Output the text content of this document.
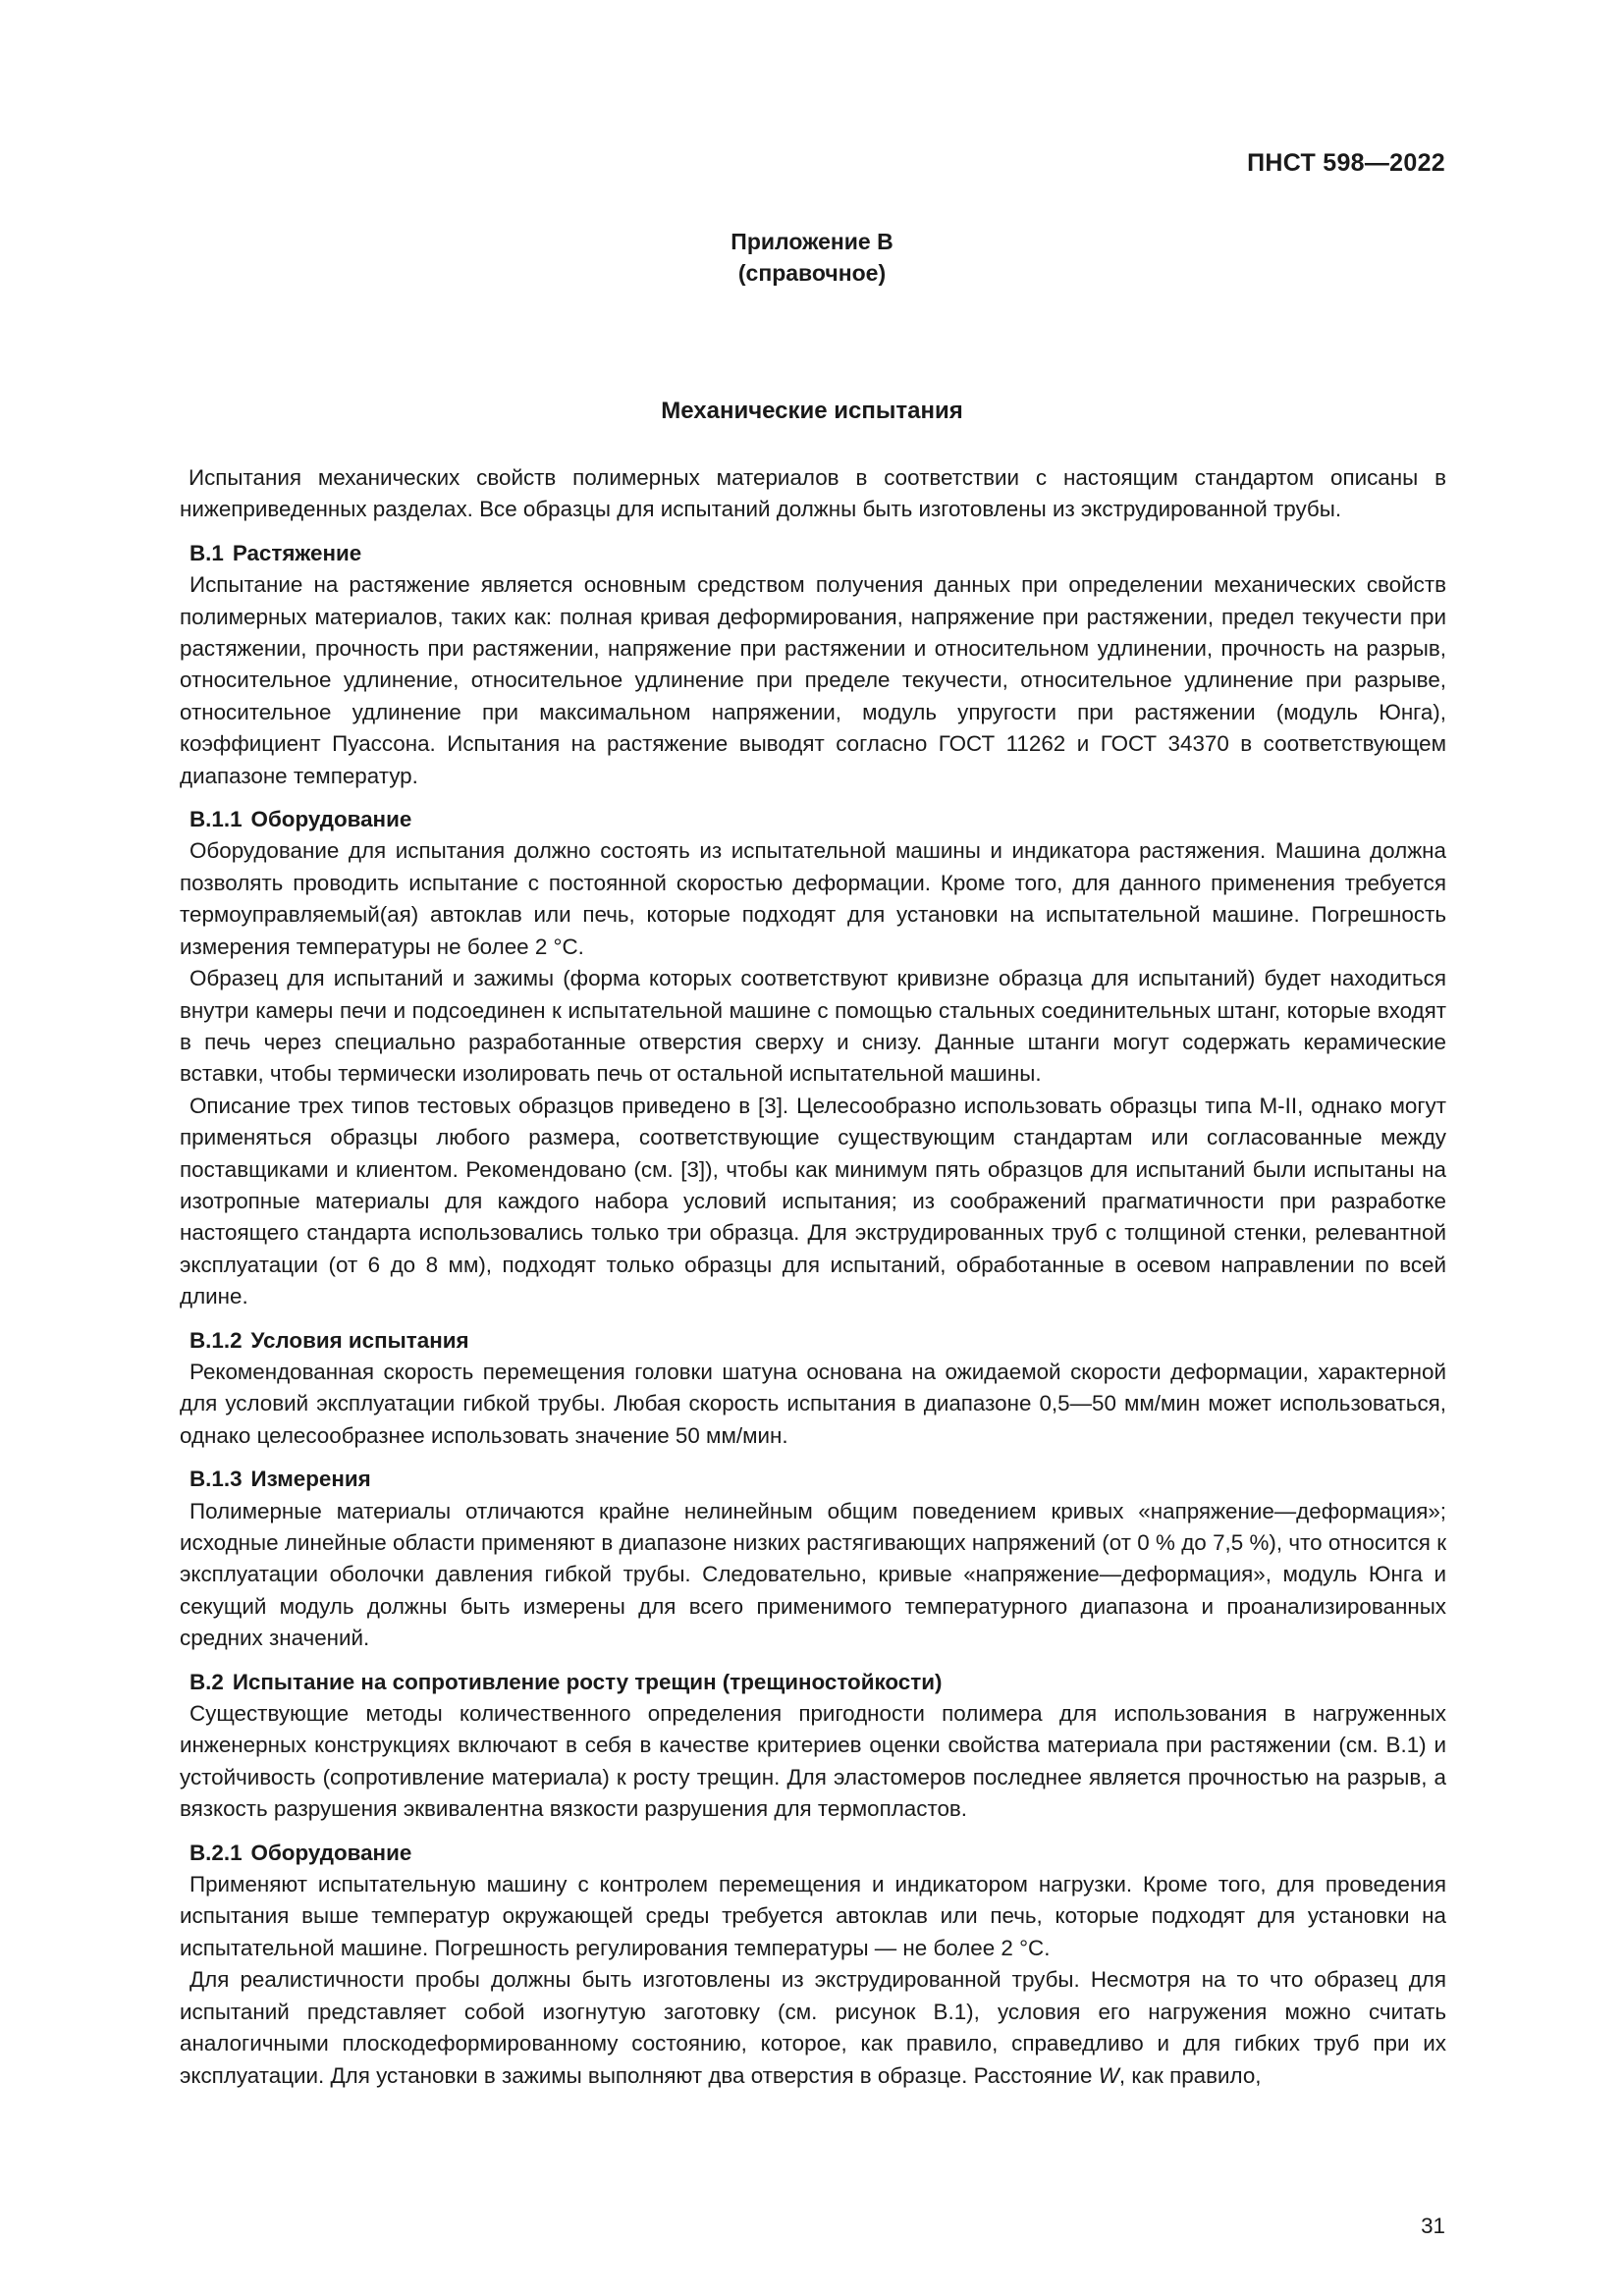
ПНСТ 598—2022
Приложение В
(справочное)
Механические испытания

Испытания механических свойств полимерных материалов в соответствии с настоящим стандартом описаны в нижеприведенных разделах. Все образцы для испытаний должны быть изготовлены из экструдированной трубы.

В.1 Растяжение

Испытание на растяжение является основным средством получения данных при определении механических свойств полимерных материалов, таких как: полная кривая деформирования, напряжение при растяжении, предел текучести при растяжении, прочность при растяжении, напряжение при растяжении и относительном удлинении, прочность на разрыв, относительное удлинение, относительное удлинение при пределе текучести, относительное удлинение при разрыве, относительное удлинение при максимальном напряжении, модуль упругости при растяжении (модуль Юнга), коэффициент Пуассона. Испытания на растяжение выводят согласно ГОСТ 11262 и ГОСТ 34370 в соответствующем диапазоне температур.

В.1.1 Оборудование

Оборудование для испытания должно состоять из испытательной машины и индикатора растяжения. Машина должна позволять проводить испытание с постоянной скоростью деформации. Кроме того, для данного применения требуется термоуправляемый(ая) автоклав или печь, которые подходят для установки на испытательной машине. Погрешность измерения температуры не более 2 °С.

Образец для испытаний и зажимы (форма которых соответствуют кривизне образца для испытаний) будет находиться внутри камеры печи и подсоединен к испытательной машине с помощью стальных соединительных штанг, которые входят в печь через специально разработанные отверстия сверху и снизу. Данные штанги могут содержать керамические вставки, чтобы термически изолировать печь от остальной испытательной машины.

Описание трех типов тестовых образцов приведено в [3]. Целесообразно использовать образцы типа М-II, однако могут применяться образцы любого размера, соответствующие существующим стандартам или согласованные между поставщиками и клиентом. Рекомендовано (см. [3]), чтобы как минимум пять образцов для испытаний были испытаны на изотропные материалы для каждого набора условий испытания; из соображений прагматичности при разработке настоящего стандарта использовались только три образца. Для экструдированных труб с толщиной стенки, релевантной эксплуатации (от 6 до 8 мм), подходят только образцы для испытаний, обработанные в осевом направлении по всей длине.

В.1.2 Условия испытания

Рекомендованная скорость перемещения головки шатуна основана на ожидаемой скорости деформации, характерной для условий эксплуатации гибкой трубы. Любая скорость испытания в диапазоне 0,5—50 мм/мин может использоваться, однако целесообразнее использовать значение 50 мм/мин.

В.1.3 Измерения

Полимерные материалы отличаются крайне нелинейным общим поведением кривых «напряжение—деформация»; исходные линейные области применяют в диапазоне низких растягивающих напряжений (от 0 % до 7,5 %), что относится к эксплуатации оболочки давления гибкой трубы. Следовательно, кривые «напряжение—деформация», модуль Юнга и секущий модуль должны быть измерены для всего применимого температурного диапазона и проанализированных средних значений.

В.2 Испытание на сопротивление росту трещин (трещиностойкости)

Существующие методы количественного определения пригодности полимера для использования в нагруженных инженерных конструкциях включают в себя в качестве критериев оценки свойства материала при растяжении (см. В.1) и устойчивость (сопротивление материала) к росту трещин. Для эластомеров последнее является прочностью на разрыв, а вязкость разрушения эквивалентна вязкости разрушения для термопластов.

В.2.1 Оборудование

Применяют испытательную машину с контролем перемещения и индикатором нагрузки. Кроме того, для проведения испытания выше температур окружающей среды требуется автоклав или печь, которые подходят для установки на испытательной машине. Погрешность регулирования температуры — не более 2 °С.

Для реалистичности пробы должны быть изготовлены из экструдированной трубы. Несмотря на то что образец для испытаний представляет собой изогнутую заготовку (см. рисунок В.1), условия его нагружения можно считать аналогичными плоскодеформированному состоянию, которое, как правило, справедливо и для гибких труб при их эксплуатации. Для установки в зажимы выполняют два отверстия в образце. Расстояние W, как правило,

31
